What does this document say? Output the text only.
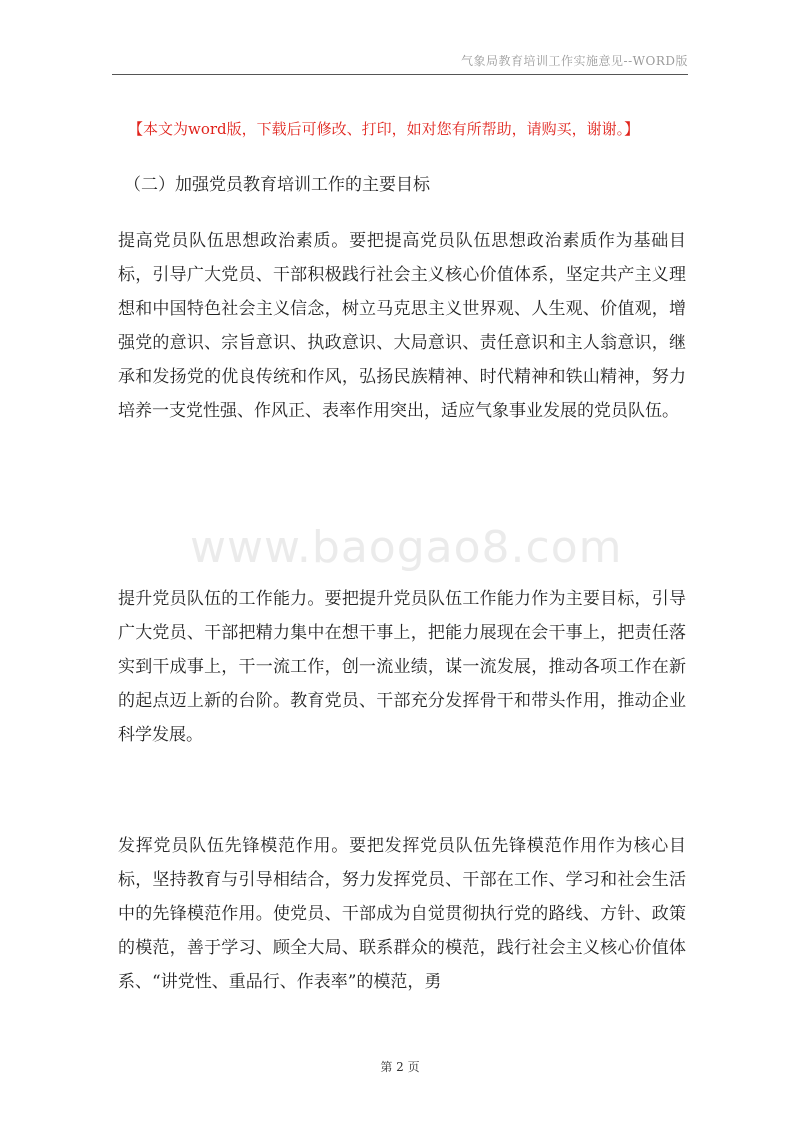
气象局教育培训工作实施意见--WORD版
【本文为word版，下载后可修改、打印，如对您有所帮助，请购买，谢谢。】
（二）加强党员教育培训工作的主要目标

提高党员队伍思想政治素质。要把提高党员队伍思想政治素质作为基础目标，引导广大党员、干部积极践行社会主义核心价值体系，坚定共产主义理想和中国特色社会主义信念，树立马克思主义世界观、人生观、价值观，增强党的意识、宗旨意识、执政意识、大局意识、责任意识和主人翁意识，继承和发扬党的优良传统和作风，弘扬民族精神、时代精神和铁山精神，努力培养一支党性强、作风正、表率作用突出，适应气象事业发展的党员队伍。

www.baogao8.com

提升党员队伍的工作能力。要把提升党员队伍工作能力作为主要目标，引导广大党员、干部把精力集中在想干事上，把能力展现在会干事上，把责任落实到干成事上，干一流工作，创一流业绩，谋一流发展，推动各项工作在新的起点迈上新的台阶。教育党员、干部充分发挥骨干和带头作用，推动企业科学发展。

发挥党员队伍先锋模范作用。要把发挥党员队伍先锋模范作用作为核心目标，坚持教育与引导相结合，努力发挥党员、干部在工作、学习和社会生活中的先锋模范作用。使党员、干部成为自觉贯彻执行党的路线、方针、政策的模范，善于学习、顾全大局、联系群众的模范，践行社会主义核心价值体系、“讲党性、重品行、作表率”的模范，勇

第 2 页
